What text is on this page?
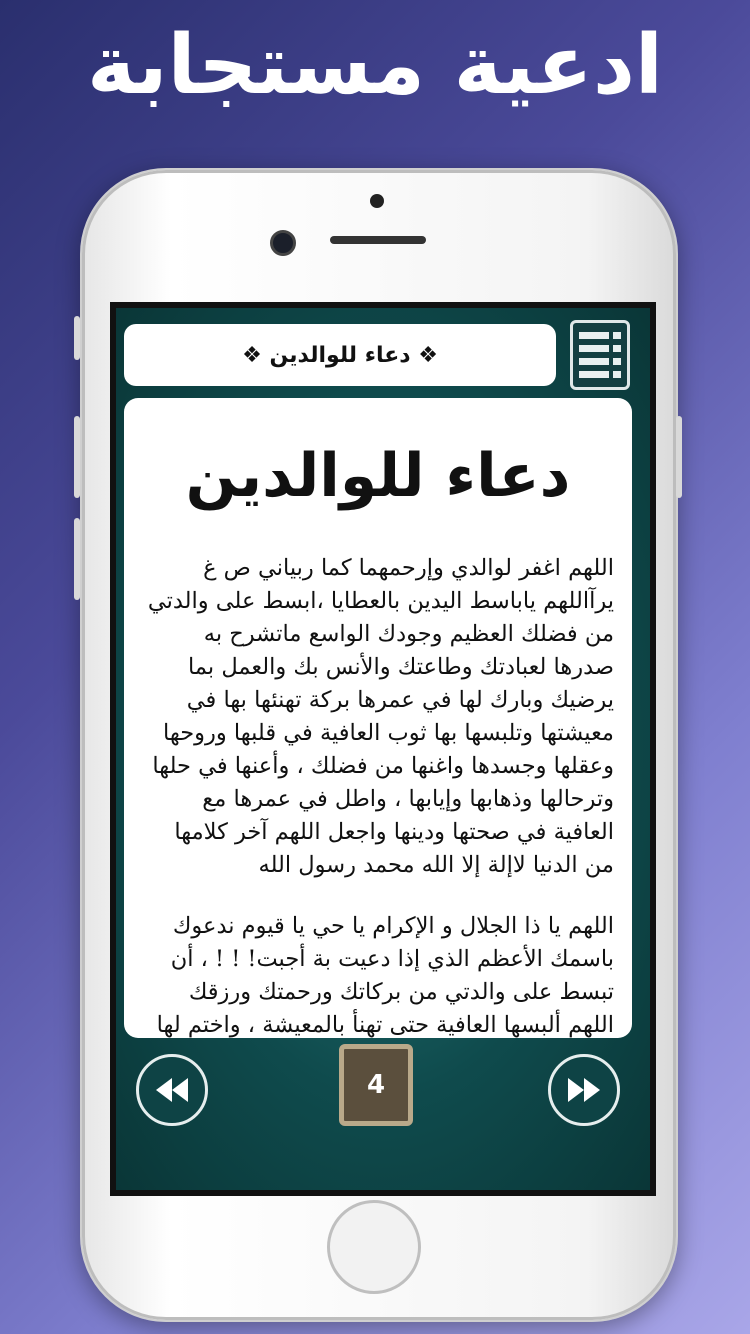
ادعية مستجابة
❖ دعاء للوالدين ❖
دعاء للوالدين

اللهم اغفر لوالدي وإرحمهما كما ربياني ص غ يرآاللهم ياباسط اليدين بالعطايا ،ابسط على والدتي من فضلك العظيم وجودك الواسع ماتشرح به صدرها لعبادتك وطاعتك والأنس بك والعمل بما يرضيك وبارك لها في عمرها بركة تهنئها بها في معيشتها وتلبسها بها ثوب العافية في قلبها وروحها وعقلها وجسدها واغنها من فضلك ، وأعنها في حلها وترحالها وذهابها وإيابها ، واطل في عمرها مع العافية في صحتها ودينها واجعل اللهم آخر كلامها من الدنيا لاإلة إلا الله محمد رسول الله

اللهم يا ذا الجلال و الإكرام يا حي يا قيوم ندعوك باسمك الأعظم الذي إذا دعيت بة أجبت! ! ! ، أن تبسط على والدتي من بركاتك ورحمتك ورزقك اللهم ألبسها العافية حتى تهنأ بالمعيشة ، واختم لها

4
